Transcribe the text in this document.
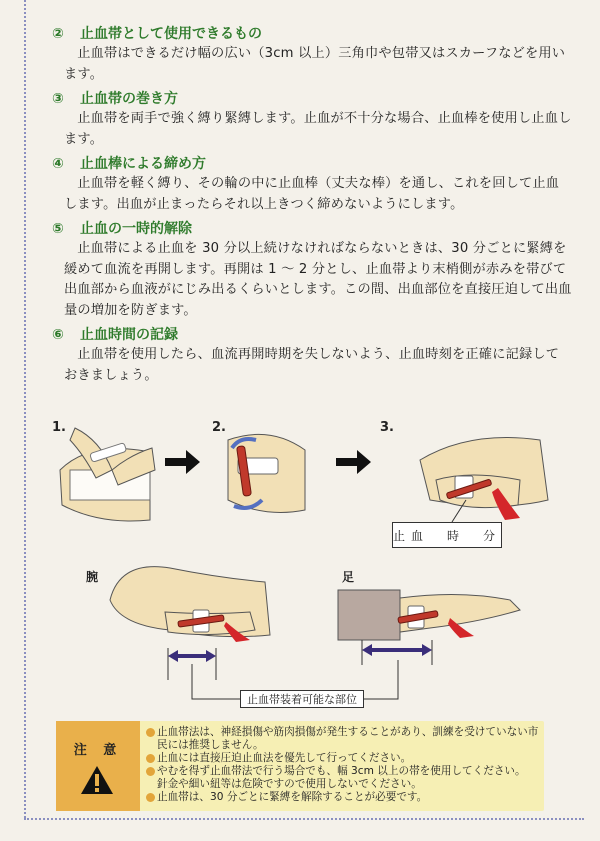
②	止血帯として使用できるもの

止血帯はできるだけ幅の広い（3cm 以上）三角巾や包帯又はスカーフなどを用います。

③	止血帯の巻き方

止血帯を両手で強く縛り緊縛します。止血が不十分な場合、止血棒を使用し止血します。

④	止血棒による締め方

止血帯を軽く縛り、その輪の中に止血棒（丈夫な棒）を通し、これを回して止血します。出血が止まったらそれ以上きつく締めないようにします。

⑤	止血の一時的解除

止血帯による止血を 30 分以上続けなければならないときは、30 分ごとに緊縛を緩めて血流を再開します。再開は 1 ～ 2 分とし、止血帯より末梢側が赤みを帯びて出血部から血液がにじみ出るくらいとします。この間、出血部位を直接圧迫して出血量の増加を防ぎます。

⑥	止血時間の記録

止血帯を使用したら、血流再開時期を失しないよう、止血時刻を正確に記録しておきましょう。

1.	2.	3.
腕	足
止血　時　分
止血帯装着可能な部位
注 意
止血帯法は、神経損傷や筋肉損傷が発生することがあり、訓練を受けていない市民には推奨しません。
止血には直接圧迫止血法を優先して行ってください。
やむを得ず止血帯法で行う場合でも、幅 3cm 以上の帯を使用してください。
針金や細い紐等は危険ですので使用しないでください。
止血帯は、30 分ごとに緊縛を解除することが必要です。
